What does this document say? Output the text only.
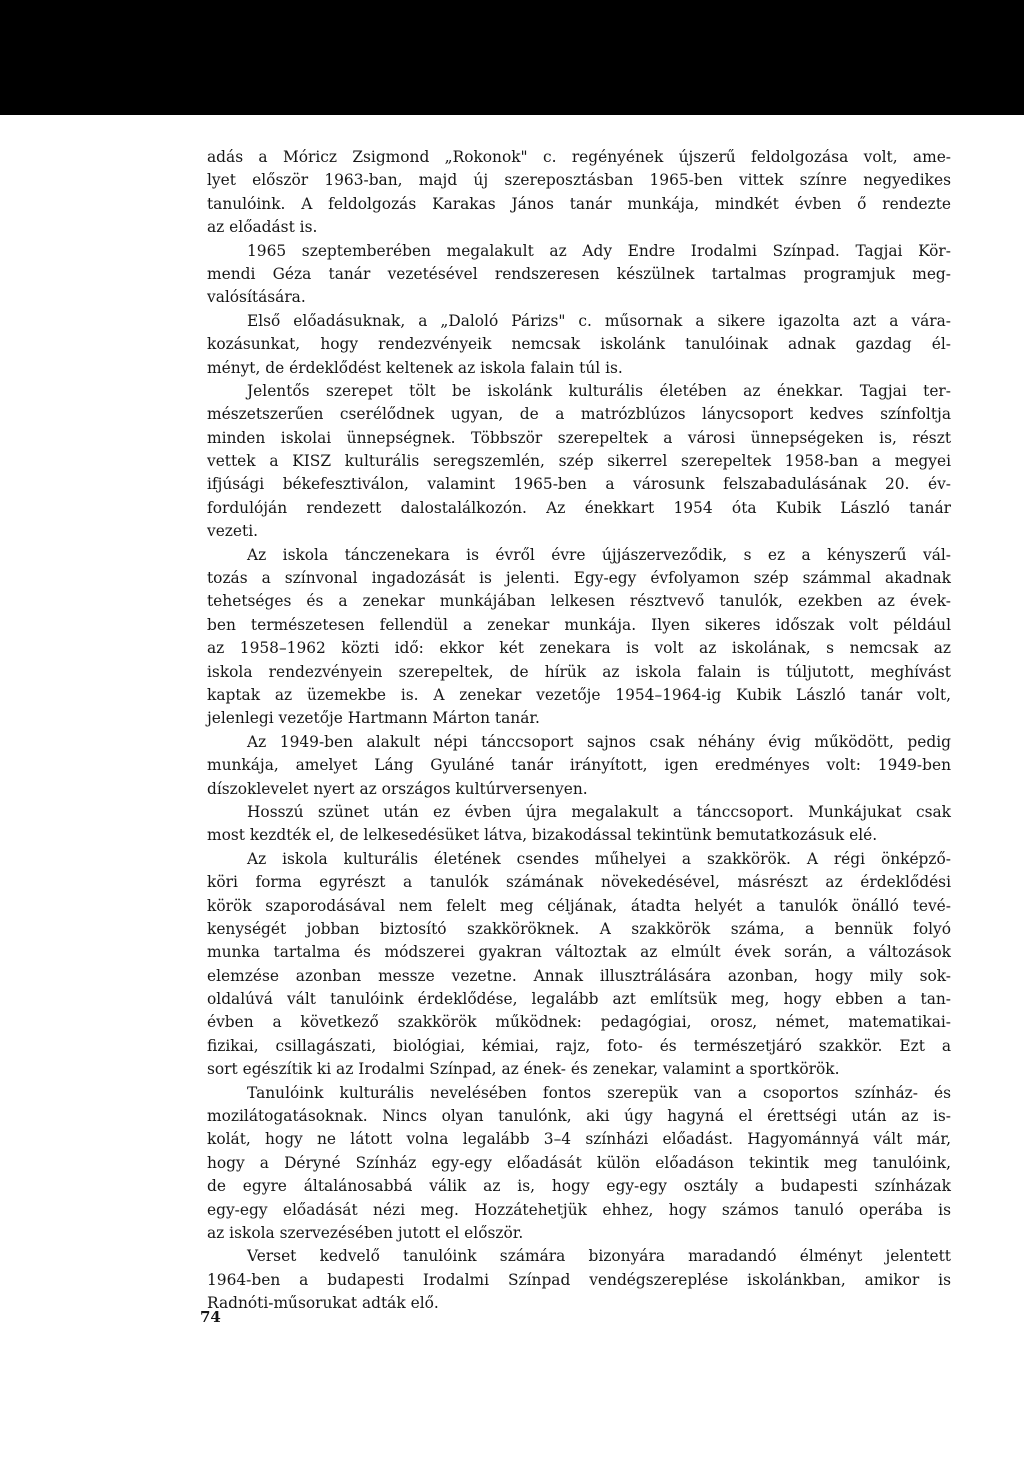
adás a Móricz Zsigmond „Rokonok" c. regényének újszerű feldolgozása volt, ame-
lyet először 1963-ban, majd új szereposztásban 1965-ben vittek színre negyedikes
tanulóink. A feldolgozás Karakas János tanár munkája, mindkét évben ő rendezte
az előadást is.
1965 szeptemberében megalakult az Ady Endre Irodalmi Színpad. Tagjai Kör-
mendi Géza tanár vezetésével rendszeresen készülnek tartalmas programjuk meg-
valósítására.
Első előadásuknak, a „Daloló Párizs" c. műsornak a sikere igazolta azt a vára-
kozásunkat, hogy rendezvényeik nemcsak iskolánk tanulóinak adnak gazdag él-
ményt, de érdeklődést keltenek az iskola falain túl is.
Jelentős szerepet tölt be iskolánk kulturális életében az énekkar. Tagjai ter-
mészetszerűen cserélődnek ugyan, de a matrózblúzos lánycsoport kedves színfoltja
minden iskolai ünnepségnek. Többször szerepeltek a városi ünnepségeken is, részt
vettek a KISZ kulturális seregszemlén, szép sikerrel szerepeltek 1958-ban a megyei
ifjúsági békefesztiválon, valamint 1965-ben a városunk felszabadulásának 20. év-
fordulóján rendezett dalostalálkozón. Az énekkart 1954 óta Kubik László tanár
vezeti.
Az iskola tánczenekara is évről évre újjászerveződik, s ez a kényszerű vál-
tozás a színvonal ingadozását is jelenti. Egy-egy évfolyamon szép számmal akadnak
tehetséges és a zenekar munkájában lelkesen résztvevő tanulók, ezekben az évek-
ben természetesen fellendül a zenekar munkája. Ilyen sikeres időszak volt például
az 1958–1962 közti idő: ekkor két zenekara is volt az iskolának, s nemcsak az
iskola rendezvényein szerepeltek, de hírük az iskola falain is túljutott, meghívást
kaptak az üzemekbe is. A zenekar vezetője 1954–1964-ig Kubik László tanár volt,
jelenlegi vezetője Hartmann Márton tanár.
Az 1949-ben alakult népi tánccsoport sajnos csak néhány évig működött, pedig
munkája, amelyet Láng Gyuláné tanár irányított, igen eredményes volt: 1949-ben
díszoklevelet nyert az országos kultúrversenyen.
Hosszú szünet után ez évben újra megalakult a tánccsoport. Munkájukat csak
most kezdték el, de lelkesedésüket látva, bizakodással tekintünk bemutatkozásuk elé.
Az iskola kulturális életének csendes műhelyei a szakkörök. A régi önképző-
köri forma egyrészt a tanulók számának növekedésével, másrészt az érdeklődési
körök szaporodásával nem felelt meg céljának, átadta helyét a tanulók önálló tevé-
kenységét jobban biztosító szakköröknek. A szakkörök száma, a bennük folyó
munka tartalma és módszerei gyakran változtak az elmúlt évek során, a változások
elemzése azonban messze vezetne. Annak illusztrálására azonban, hogy mily sok-
oldalúvá vált tanulóink érdeklődése, legalább azt említsük meg, hogy ebben a tan-
évben a következő szakkörök működnek: pedagógiai, orosz, német, matematikai-
fizikai, csillagászati, biológiai, kémiai, rajz, foto- és természetjáró szakkör. Ezt a
sort egészítik ki az Irodalmi Színpad, az ének- és zenekar, valamint a sportkörök.
Tanulóink kulturális nevelésében fontos szerepük van a csoportos színház- és
mozilátogatásoknak. Nincs olyan tanulónk, aki úgy hagyná el érettségi után az is-
kolát, hogy ne látott volna legalább 3–4 színházi előadást. Hagyománnyá vált már,
hogy a Déryné Színház egy-egy előadását külön előadáson tekintik meg tanulóink,
de egyre általánosabbá válik az is, hogy egy-egy osztály a budapesti színházak
egy-egy előadását nézi meg. Hozzátehetjük ehhez, hogy számos tanuló operába is
az iskola szervezésében jutott el először.
Verset kedvelő tanulóink számára bizonyára maradandó élményt jelentett
1964-ben a budapesti Irodalmi Színpad vendégszereplése iskolánkban, amikor is
Radnóti-műsorukat adták elő.
74
